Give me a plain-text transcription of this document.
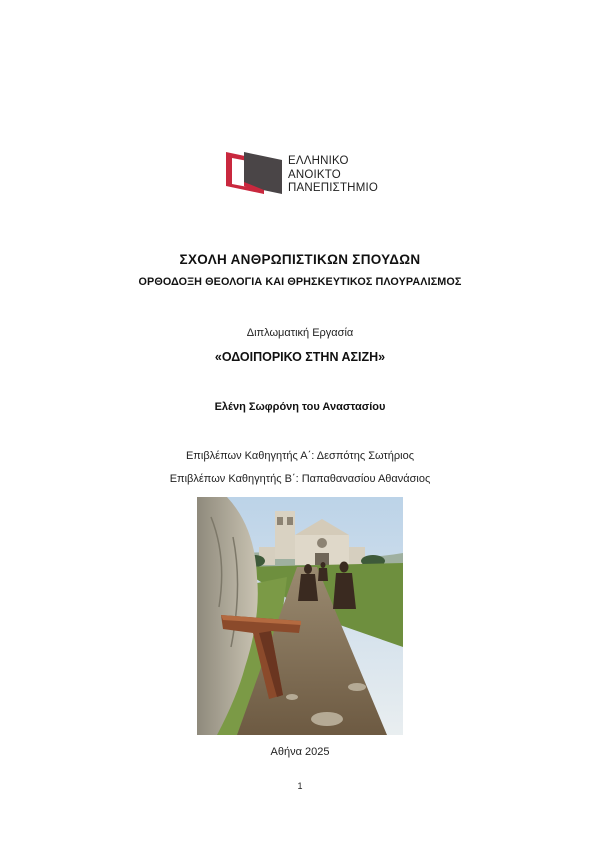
ΕΛΛΗΝΙΚΟ
ΑΝΟΙΚΤΟ
ΠΑΝΕΠΙΣΤΗΜΙΟ
ΣΧΟΛΗ ΑΝΘΡΩΠΙΣΤΙΚΩΝ ΣΠΟΥΔΩΝ
ΟΡΘΟΔΟΞΗ ΘΕΟΛΟΓΙΑ ΚΑΙ ΘΡΗΣΚΕΥΤΙΚΟΣ ΠΛΟΥΡΑΛΙΣΜΟΣ
Διπλωματική Εργασία
«ΟΔΟΙΠΟΡΙΚΟ ΣΤΗΝ ΑΣΙΖΗ»
Ελένη Σωφρόνη του Αναστασίου
Επιβλέπων Καθηγητής Α΄: Δεσπότης Σωτήριος
Επιβλέπων Καθηγητής Β΄: Παπαθανασίου Αθανάσιος
Αθήνα 2025
1
